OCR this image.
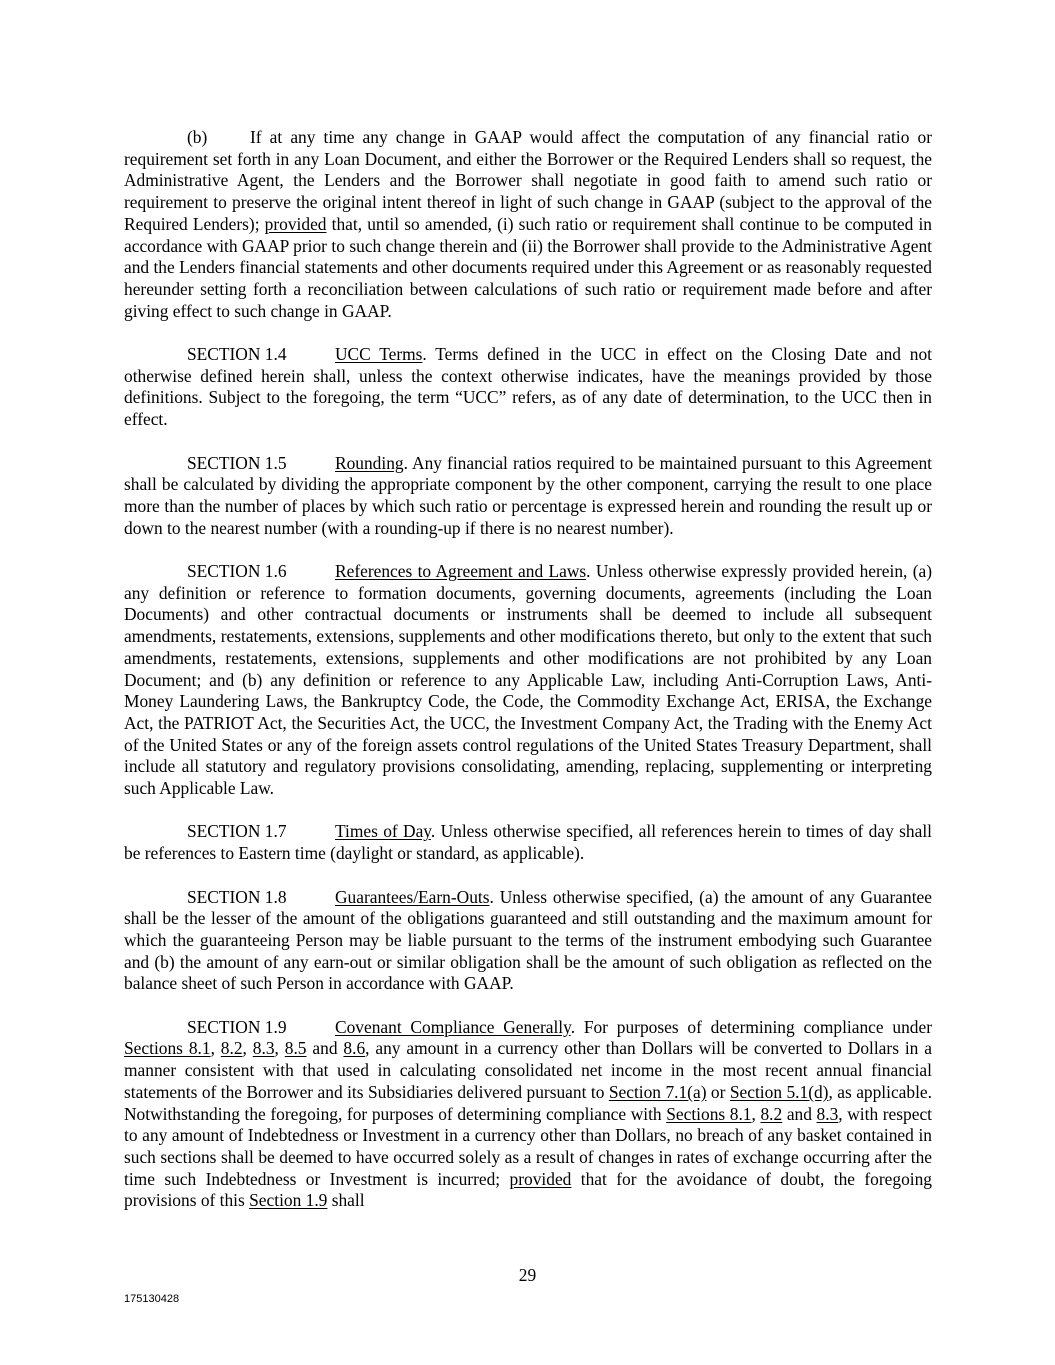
(b) If at any time any change in GAAP would affect the computation of any financial ratio or requirement set forth in any Loan Document, and either the Borrower or the Required Lenders shall so request, the Administrative Agent, the Lenders and the Borrower shall negotiate in good faith to amend such ratio or requirement to preserve the original intent thereof in light of such change in GAAP (subject to the approval of the Required Lenders); provided that, until so amended, (i) such ratio or requirement shall continue to be computed in accordance with GAAP prior to such change therein and (ii) the Borrower shall provide to the Administrative Agent and the Lenders financial statements and other documents required under this Agreement or as reasonably requested hereunder setting forth a reconciliation between calculations of such ratio or requirement made before and after giving effect to such change in GAAP.

SECTION 1.4	UCC Terms. Terms defined in the UCC in effect on the Closing Date and not otherwise defined herein shall, unless the context otherwise indicates, have the meanings provided by those definitions. Subject to the foregoing, the term “UCC” refers, as of any date of determination, to the UCC then in effect.

SECTION 1.5	Rounding. Any financial ratios required to be maintained pursuant to this Agreement shall be calculated by dividing the appropriate component by the other component, carrying the result to one place more than the number of places by which such ratio or percentage is expressed herein and rounding the result up or down to the nearest number (with a rounding-up if there is no nearest number).

SECTION 1.6	References to Agreement and Laws. Unless otherwise expressly provided herein, (a) any definition or reference to formation documents, governing documents, agreements (including the Loan Documents) and other contractual documents or instruments shall be deemed to include all subsequent amendments, restatements, extensions, supplements and other modifications thereto, but only to the extent that such amendments, restatements, extensions, supplements and other modifications are not prohibited by any Loan Document; and (b) any definition or reference to any Applicable Law, including Anti-Corruption Laws, Anti-Money Laundering Laws, the Bankruptcy Code, the Code, the Commodity Exchange Act, ERISA, the Exchange Act, the PATRIOT Act, the Securities Act, the UCC, the Investment Company Act, the Trading with the Enemy Act of the United States or any of the foreign assets control regulations of the United States Treasury Department, shall include all statutory and regulatory provisions consolidating, amending, replacing, supplementing or interpreting such Applicable Law.

SECTION 1.7	Times of Day. Unless otherwise specified, all references herein to times of day shall be references to Eastern time (daylight or standard, as applicable).

SECTION 1.8	Guarantees/Earn-Outs. Unless otherwise specified, (a) the amount of any Guarantee shall be the lesser of the amount of the obligations guaranteed and still outstanding and the maximum amount for which the guaranteeing Person may be liable pursuant to the terms of the instrument embodying such Guarantee and (b) the amount of any earn-out or similar obligation shall be the amount of such obligation as reflected on the balance sheet of such Person in accordance with GAAP.

SECTION 1.9	Covenant Compliance Generally. For purposes of determining compliance under Sections 8.1, 8.2, 8.3, 8.5 and 8.6, any amount in a currency other than Dollars will be converted to Dollars in a manner consistent with that used in calculating consolidated net income in the most recent annual financial statements of the Borrower and its Subsidiaries delivered pursuant to Section 7.1(a) or Section 5.1(d), as applicable. Notwithstanding the foregoing, for purposes of determining compliance with Sections 8.1, 8.2 and 8.3, with respect to any amount of Indebtedness or Investment in a currency other than Dollars, no breach of any basket contained in such sections shall be deemed to have occurred solely as a result of changes in rates of exchange occurring after the time such Indebtedness or Investment is incurred; provided that for the avoidance of doubt, the foregoing provisions of this Section 1.9 shall

29
175130428
